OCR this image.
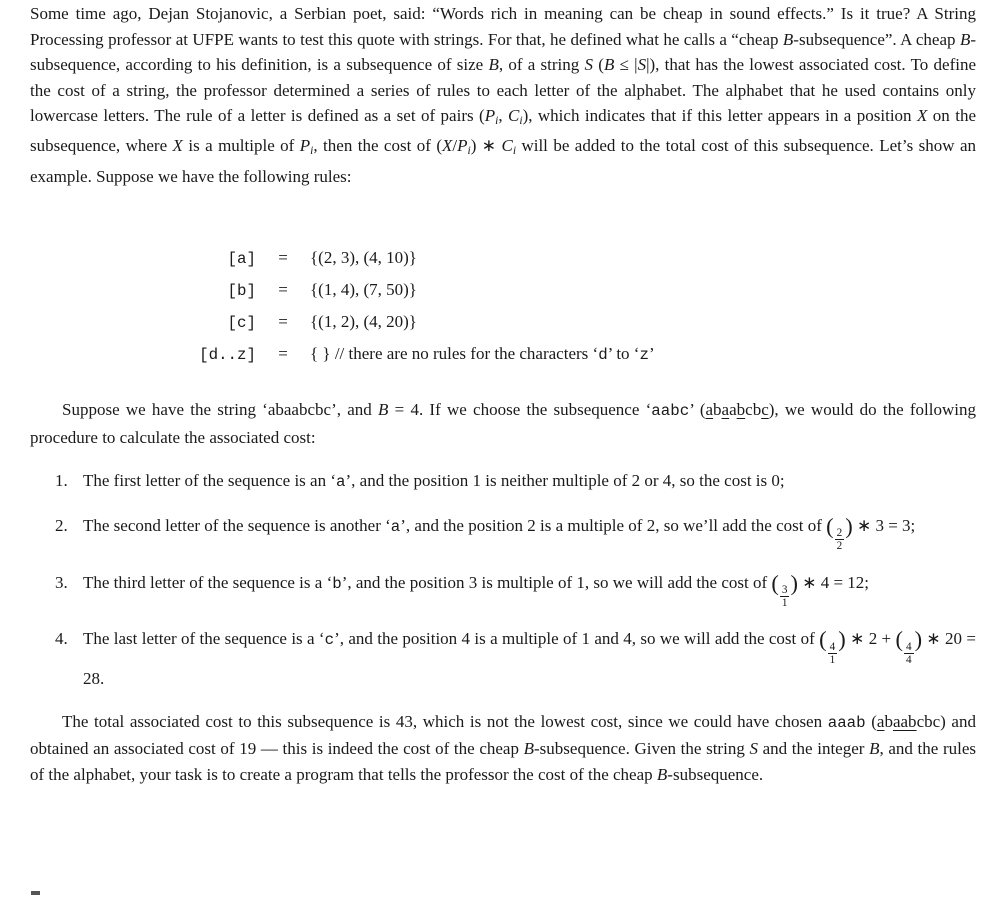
Some time ago, Dejan Stojanovic, a Serbian poet, said: “Words rich in meaning can be cheap in sound effects.” Is it true? A String Processing professor at UFPE wants to test this quote with strings. For that, he defined what he calls a “cheap B-subsequence”. A cheap B-subsequence, according to his definition, is a subsequence of size B, of a string S (B ≤ |S|), that has the lowest associated cost. To define the cost of a string, the professor determined a series of rules to each letter of the alphabet. The alphabet that he used contains only lowercase letters. The rule of a letter is defined as a set of pairs (Pi, Ci), which indicates that if this letter appears in a position X on the subsequence, where X is a multiple of Pi, then the cost of (X/Pi) ∗ Ci will be added to the total cost of this subsequence. Let’s show an example. Suppose we have the following rules:
[a]	=	{(2, 3), (4, 10)}
[b]	=	{(1, 4), (7, 50)}
[c]	=	{(1, 2), (4, 20)}
[d..z]	=	{ } // there are no rules for the characters ‘d’ to ‘z’
Suppose we have the string ‘abaabcbc’, and B = 4. If we choose the subsequence ‘aabc’ (abaabcbc), we would do the following procedure to calculate the associated cost:
1. The first letter of the sequence is an ‘a’, and the position 1 is neither multiple of 2 or 4, so the cost is 0;
2. The second letter of the sequence is another ‘a’, and the position 2 is a multiple of 2, so we’ll add the cost of (
$\frac{2}{2}$
) ∗ 3 = 3;
3. The third letter of the sequence is a ‘b’, and the position 3 is multiple of 1, so we will add the cost of (
$\frac{3}{1}$
) ∗ 4 = 12;
4. The last letter of the sequence is a ‘c’, and the position 4 is a multiple of 1 and 4, so we will add the cost of (
$\frac{4}{1}$
) ∗ 2 + (
$\frac{4}{4}$
) ∗ 20 = 28.
The total associated cost to this subsequence is 43, which is not the lowest cost, since we could have chosen aaab (abaabcbc) and obtained an associated cost of 19 — this is indeed the cost of the cheap B-subsequence. Given the string S and the integer B, and the rules of the alphabet, your task is to create a program that tells the professor the cost of the cheap B-subsequence.
